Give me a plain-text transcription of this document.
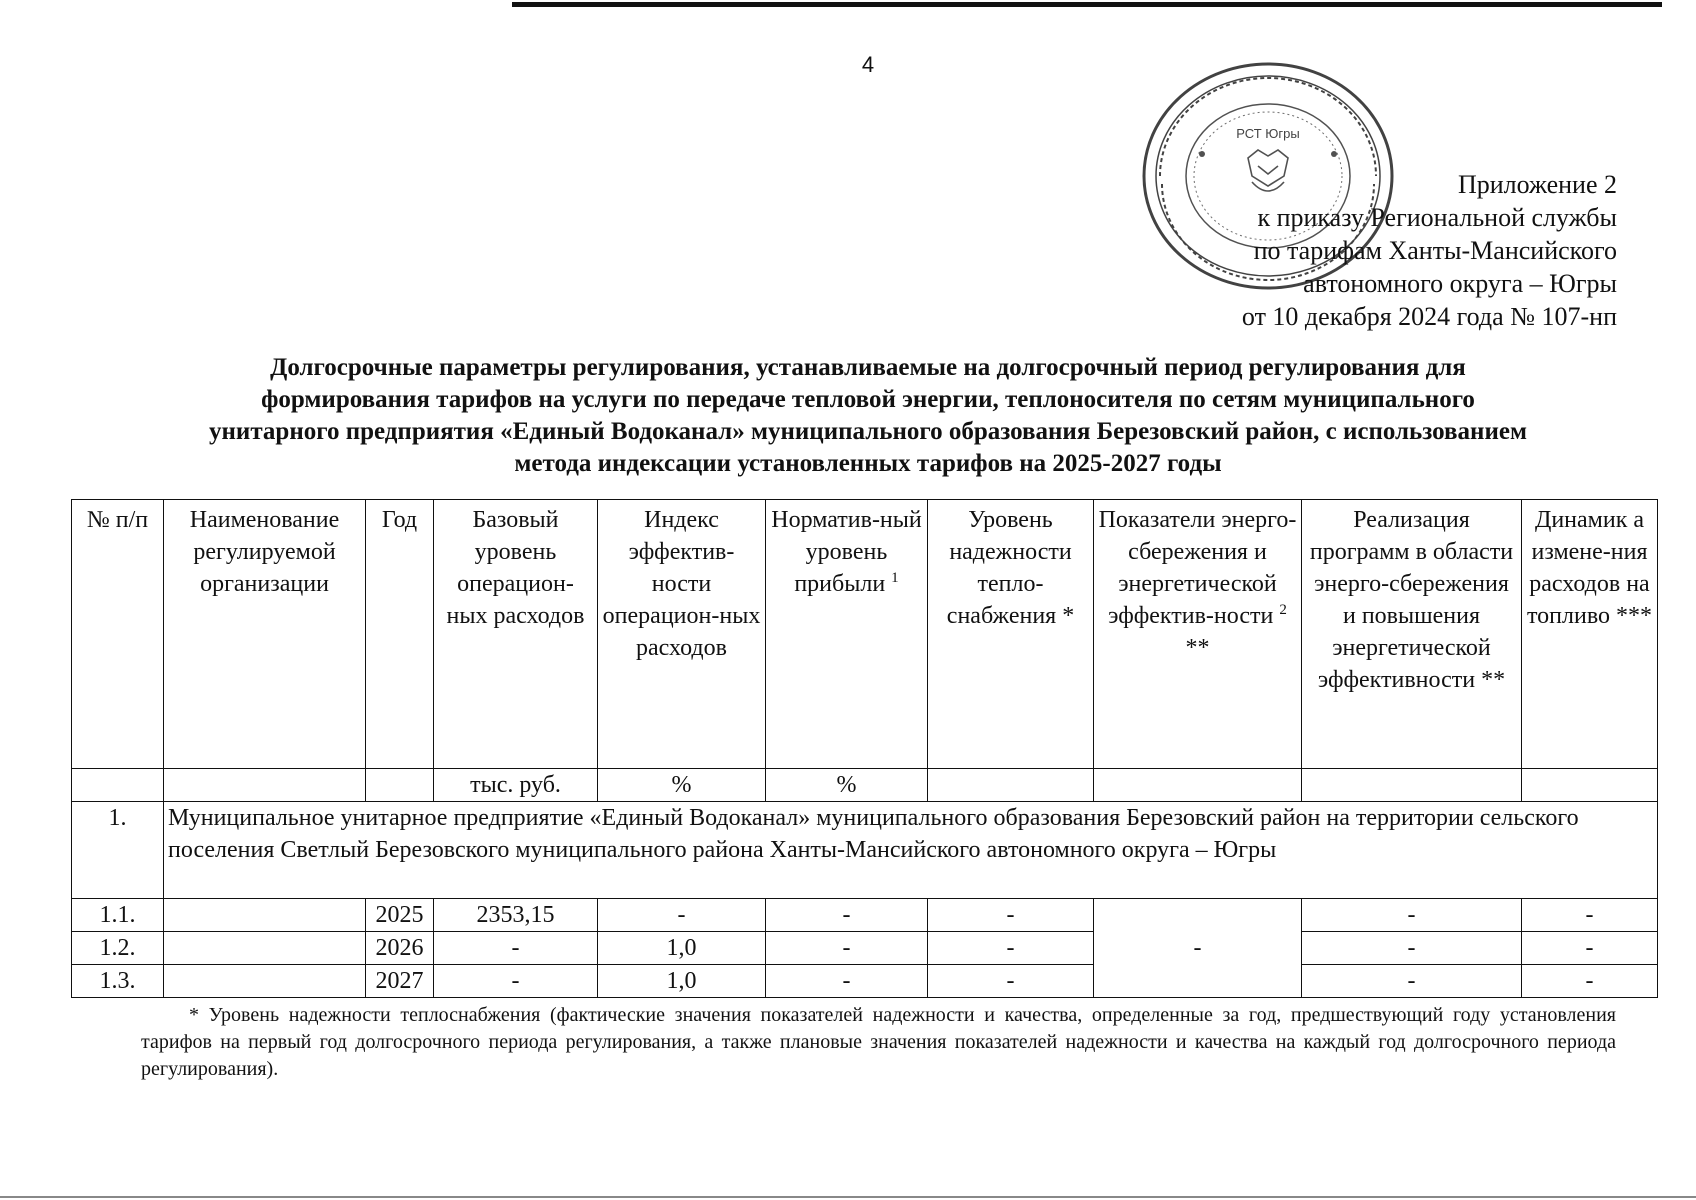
4
РСТ Югры
Приложение 2
к приказу Региональной службы
по тарифам Ханты-Мансийского
автономного округа – Югры
от 10 декабря 2024 года № 107-нп
Долгосрочные параметры регулирования, устанавливаемые на долгосрочный период регулирования для
формирования тарифов на услуги по передаче тепловой энергии, теплоносителя по сетям муниципального
унитарного предприятия «Единый Водоканал» муниципального образования Березовский район, с использованием
метода индексации установленных тарифов на 2025-2027 годы
№ п/п	Наименование регулируемой организации	Год	Базовый уровень операцион-ных расходов	Индекс эффектив-ности операцион-ных расходов	Норматив-ный уровень прибыли $^1$	Уровень надежности тепло-снабжения *	Показатели энерго-сбережения и энергетической эффектив-ности $^2$ **	Реализация программ в области энерго-сбережения и повышения энергетической эффективности **	Динамик а измене-ния расходов на топливо ***
			тыс. руб.	%	%				
1.	Муниципальное унитарное предприятие «Единый Водоканал» муниципального образования Березовский район на территории сельского поселения Светлый Березовского муниципального района Ханты-Мансийского автономного округа – Югры								
1.1.		2025	2353,15	-	-	-	-	-	-
1.2.		2026	-	1,0	-	-		-	-
1.3.		2027	-	1,0	-	-		-	-
* Уровень надежности теплоснабжения (фактические значения показателей надежности и качества, определенные за год, предшествующий году установления тарифов на первый год долгосрочного периода регулирования, а также плановые значения показателей надежности и качества на каждый год долгосрочного периода регулирования).
